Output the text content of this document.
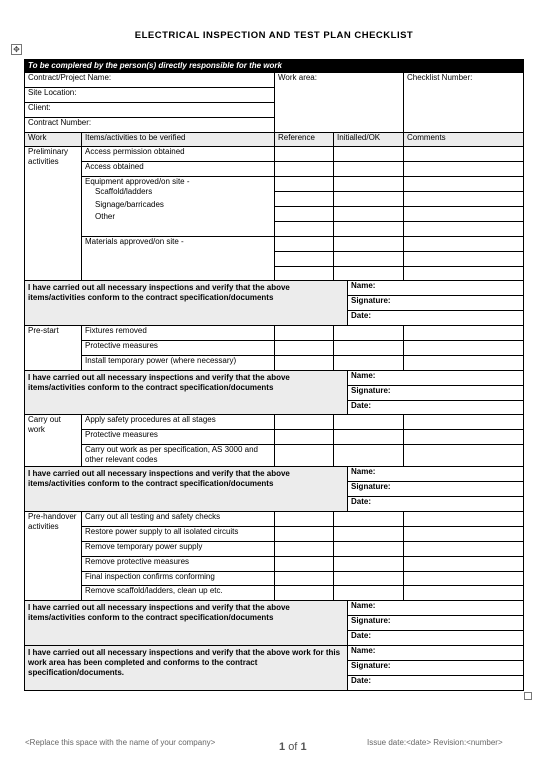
ELECTRICAL INSPECTION AND TEST PLAN CHECKLIST
✥
To be complered by the person(s) directly responsible for the work					
Contract/Project Name:		Work area:			Checklist Number:
Site Location:					
Client:					
Contract Number:					
Work	Items/activities to be verified	Reference	Initialled/OK		Comments
Preliminary activities	Access permission obtained				
	Access obtained				

	Equipment approved/on site -
Scaffold/ladders
Signage/barricades
Other				

	Materials approved/on site -				

I have carried out all necessary inspections and verify that the above items/activities conform to the contract specification/documents				Name:	
				Signature:	
				Date:	
Pre-start	Fixtures removed				
	Protective measures				
	Install temporary power (where necessary)				
I have carried out all necessary inspections and verify that the above items/activities conform to the contract specification/documents				Name:	
				Signature:	
				Date:	
Carry out work	Apply safety procedures at all stages				
	Protective measures				
	Carry out work as per specification, AS 3000 and other relevant codes				
I have carried out all necessary inspections and verify that the above items/activities conform to the contract specification/documents				Name:	
				Signature:	
				Date:	
Pre-handover activities	Carry out all testing and safety checks				
	Restore power supply to all isolated circuits				
	Remove temporary power supply				
	Remove protective measures				
	Final inspection confirms conforming				
	Remove scaffold/ladders, clean up etc.				
I have carried out all necessary inspections and verify that the above items/activities conform to the contract specification/documents				Name:	
				Signature:	
				Date:	
I have carried out all necessary inspections and verify that the above work for this work area has been completed and conforms to the contract specification/documents.				Name:	
				Signature:	
				Date:	
<Replace this space with the name of your company>	1 of 1	Issue date:<date> Revision:<number>
